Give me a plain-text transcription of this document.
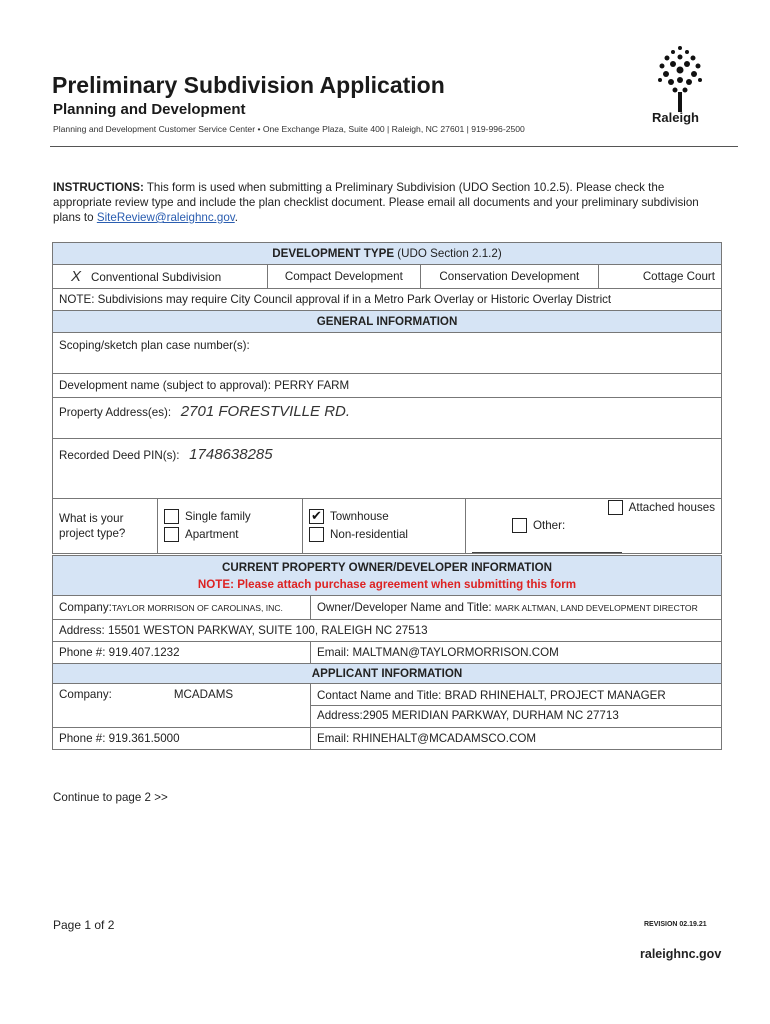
Preliminary Subdivision Application
Planning and Development
Planning and Development Customer Service Center • One Exchange Plaza, Suite 400 | Raleigh, NC 27601 | 919-996-2500
Raleigh
INSTRUCTIONS: This form is used when submitting a Preliminary Subdivision (UDO Section 10.2.5). Please check the appropriate review type and include the plan checklist document. Please email all documents and your preliminary subdivision plans to SiteReview@raleighnc.gov.
DEVELOPMENT TYPE (UDO Section 2.1.2)
X Conventional Subdivision	Compact Development	Conservation Development	Cottage Court
NOTE: Subdivisions may require City Council approval if in a Metro Park Overlay or Historic Overlay District
GENERAL INFORMATION
Scoping/sketch plan case number(s):
Development name (subject to approval): PERRY FARM
Property Address(es): 2701 FORESTVILLE RD.
Recorded Deed PIN(s): 1748638285
What is your
project type?	
Single family
Apartment

✔Townhouse
Non-residential

Attached houses
Other:
CURRENT PROPERTY OWNER/DEVELOPER INFORMATION
NOTE: Please attach purchase agreement when submitting this form	

Company:TAYLOR MORRISON OF CAROLINAS, INC.	Owner/Developer Name and Title: MARK ALTMAN, LAND DEVELOPMENT DIRECTOR
Address: 15501 WESTON PARKWAY, SUITE 100, RALEIGH NC 27513	
Phone #: 919.407.1232	Email: MALTMAN@TAYLORMORRISON.COM
APPLICANT INFORMATION	
Company: MCADAMS	Contact Name and Title: BRAD RHINEHALT, PROJECT MANAGER
Address:2905 MERIDIAN PARKWAY, DURHAM NC 27713

Phone #: 919.361.5000	Email: RHINEHALT@MCADAMSCO.COM
Continue to page 2 >>
Page 1 of 2	REVISION 02.19.21
raleighnc.gov
